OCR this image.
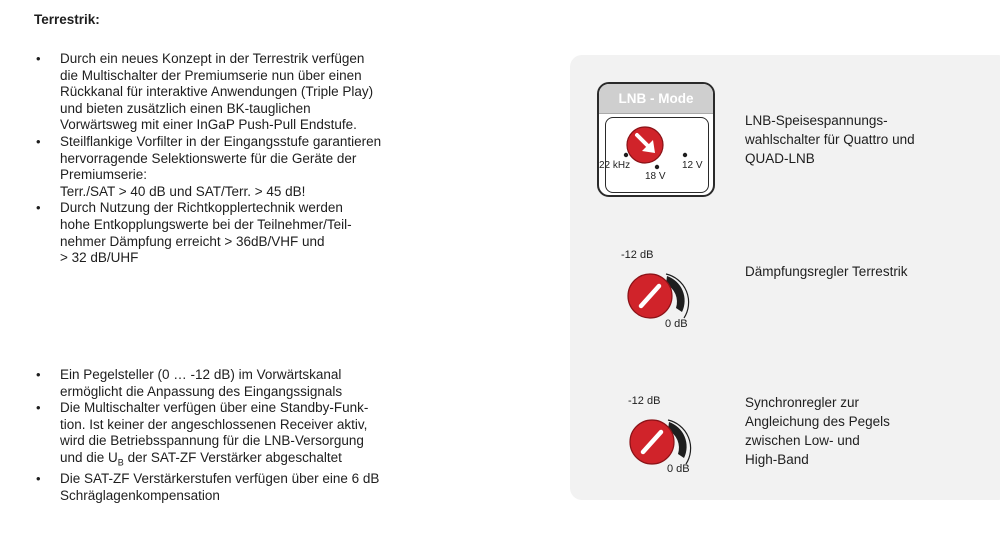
Terrestrik:
• Durch ein neues Konzept in der Terrestrik verfügen
die Multischalter der Premiumserie nun über einen
Rückkanal für interaktive Anwendungen (Triple Play)
und bieten zusätzlich einen BK-tauglichen
Vorwärtsweg mit einer InGaP Push-Pull Endstufe.
• Steilflankige Vorfilter in der Eingangsstufe garantieren
hervorragende Selektionswerte für die Geräte der
Premiumserie:
Terr./SAT > 40 dB und SAT/Terr. > 45 dB!
• Durch Nutzung der Richtkopplertechnik werden
hohe Entkopplungswerte bei der Teilnehmer/Teil-
nehmer Dämpfung erreicht > 36dB/VHF und
> 32 dB/UHF
• Ein Pegelsteller (0 … -12 dB) im Vorwärtskanal
ermöglicht die Anpassung des Eingangssignals
• Die Multischalter verfügen über eine Standby-Funk-
tion. Ist keiner der angeschlossenen Receiver aktiv,
wird die Betriebsspannung für die LNB-Versorgung
und die $U_B$ der SAT-ZF Verstärker abgeschaltet
• Die SAT-ZF Verstärkerstufen verfügen über eine 6 dB
Schräglagenkompensation
LNB - Mode
22 kHz	12 V
18 V
LNB-Speisespannungs-
wahlschalter für Quattro und
QUAD-LNB
-12 dB
0 dB
Dämpfungsregler Terrestrik
-12 dB
0 dB
Synchronregler zur
Angleichung des Pegels
zwischen Low- und
High-Band
